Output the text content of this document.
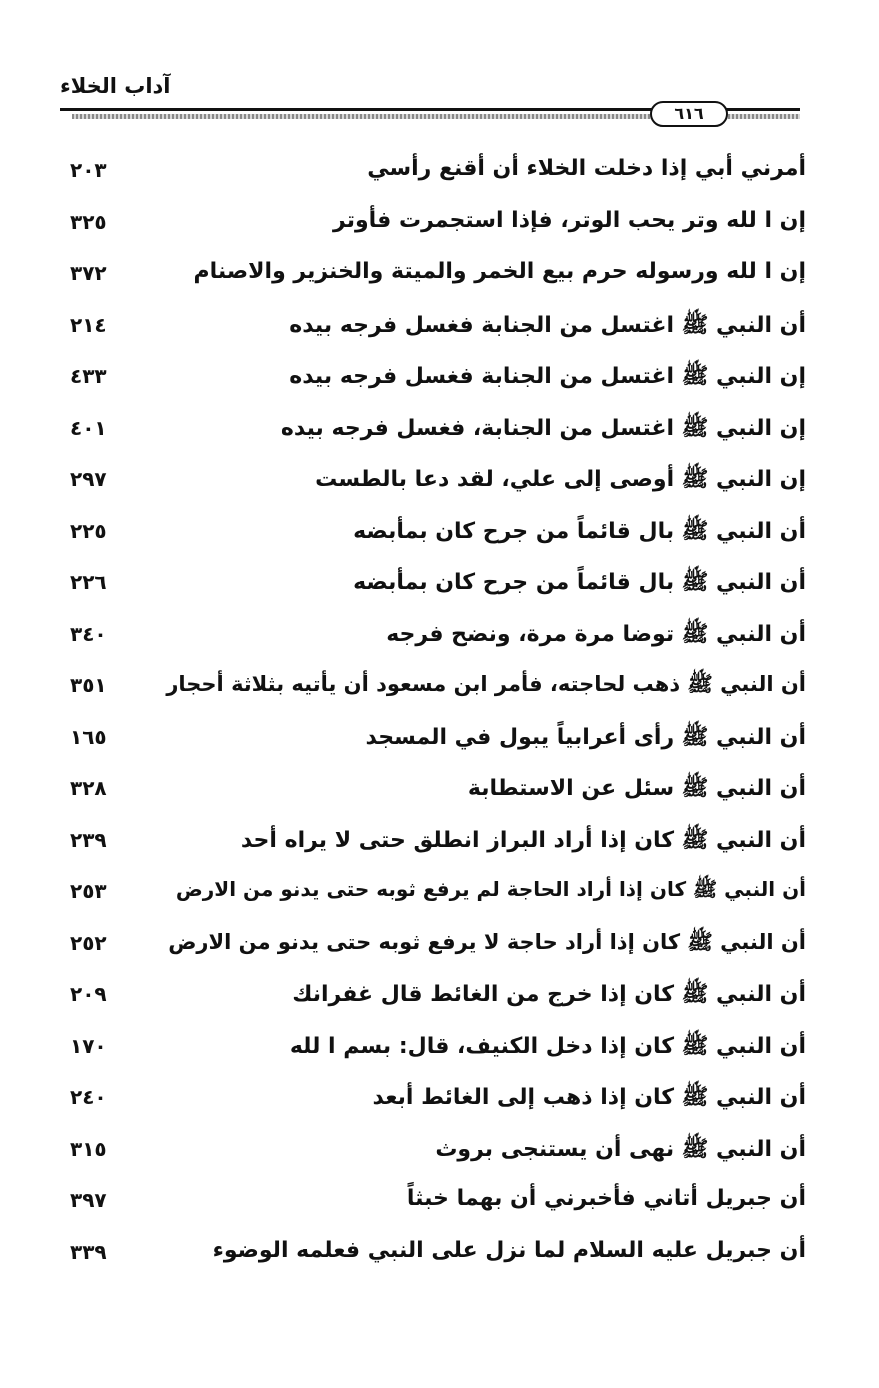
آداب الخلاء
٦١٦
أمرني أبي إذا دخلت الخلاء أن أقنع رأسي
٢٠٣
إن ا لله وتر يحب الوتر، فإذا استجمرت فأوتر
٣٢٥
إن ا لله ورسوله حرم بيع الخمر والميتة والخنزير والاصنام
٣٧٢
أن النبي ﷺ اغتسل من الجنابة فغسل فرجه بيده
٢١٤
إن النبي ﷺ اغتسل من الجنابة فغسل فرجه بيده
٤٣٣
إن النبي ﷺ اغتسل من الجنابة، فغسل فرجه بيده
٤٠١
إن النبي ﷺ أوصى إلى علي، لقد دعا بالطست
٢٩٧
أن النبي ﷺ بال قائماً من جرح كان بمأبضه
٢٢٥
أن النبي ﷺ بال قائماً من جرح كان بمأبضه
٢٢٦
أن النبي ﷺ توضا مرة مرة، ونضح فرجه
٣٤٠
أن النبي ﷺ ذهب لحاجته، فأمر ابن مسعود أن يأتيه بثلاثة أحجار
٣٥١
أن النبي ﷺ رأى أعرابياً يبول في المسجد
١٦٥
أن النبي ﷺ سئل عن الاستطابة
٣٢٨
أن النبي ﷺ كان إذا أراد البراز انطلق حتى لا يراه أحد
٢٣٩
أن النبي ﷺ كان إذا أراد الحاجة لم يرفع ثوبه حتى يدنو من الارض
٢٥٣
أن النبي ﷺ كان إذا أراد حاجة لا يرفع ثوبه حتى يدنو من الارض
٢٥٢
أن النبي ﷺ كان إذا خرج من الغائط قال غفرانك
٢٠٩
أن النبي ﷺ كان إذا دخل الكنيف، قال: بسم ا لله
١٧٠
أن النبي ﷺ كان إذا ذهب إلى الغائط أبعد
٢٤٠
أن النبي ﷺ نهى أن يستنجى بروث
٣١٥
أن جبريل أتاني فأخبرني أن بهما خبثاً
٣٩٧
أن جبريل عليه السلام لما نزل على النبي فعلمه الوضوء
٣٣٩
